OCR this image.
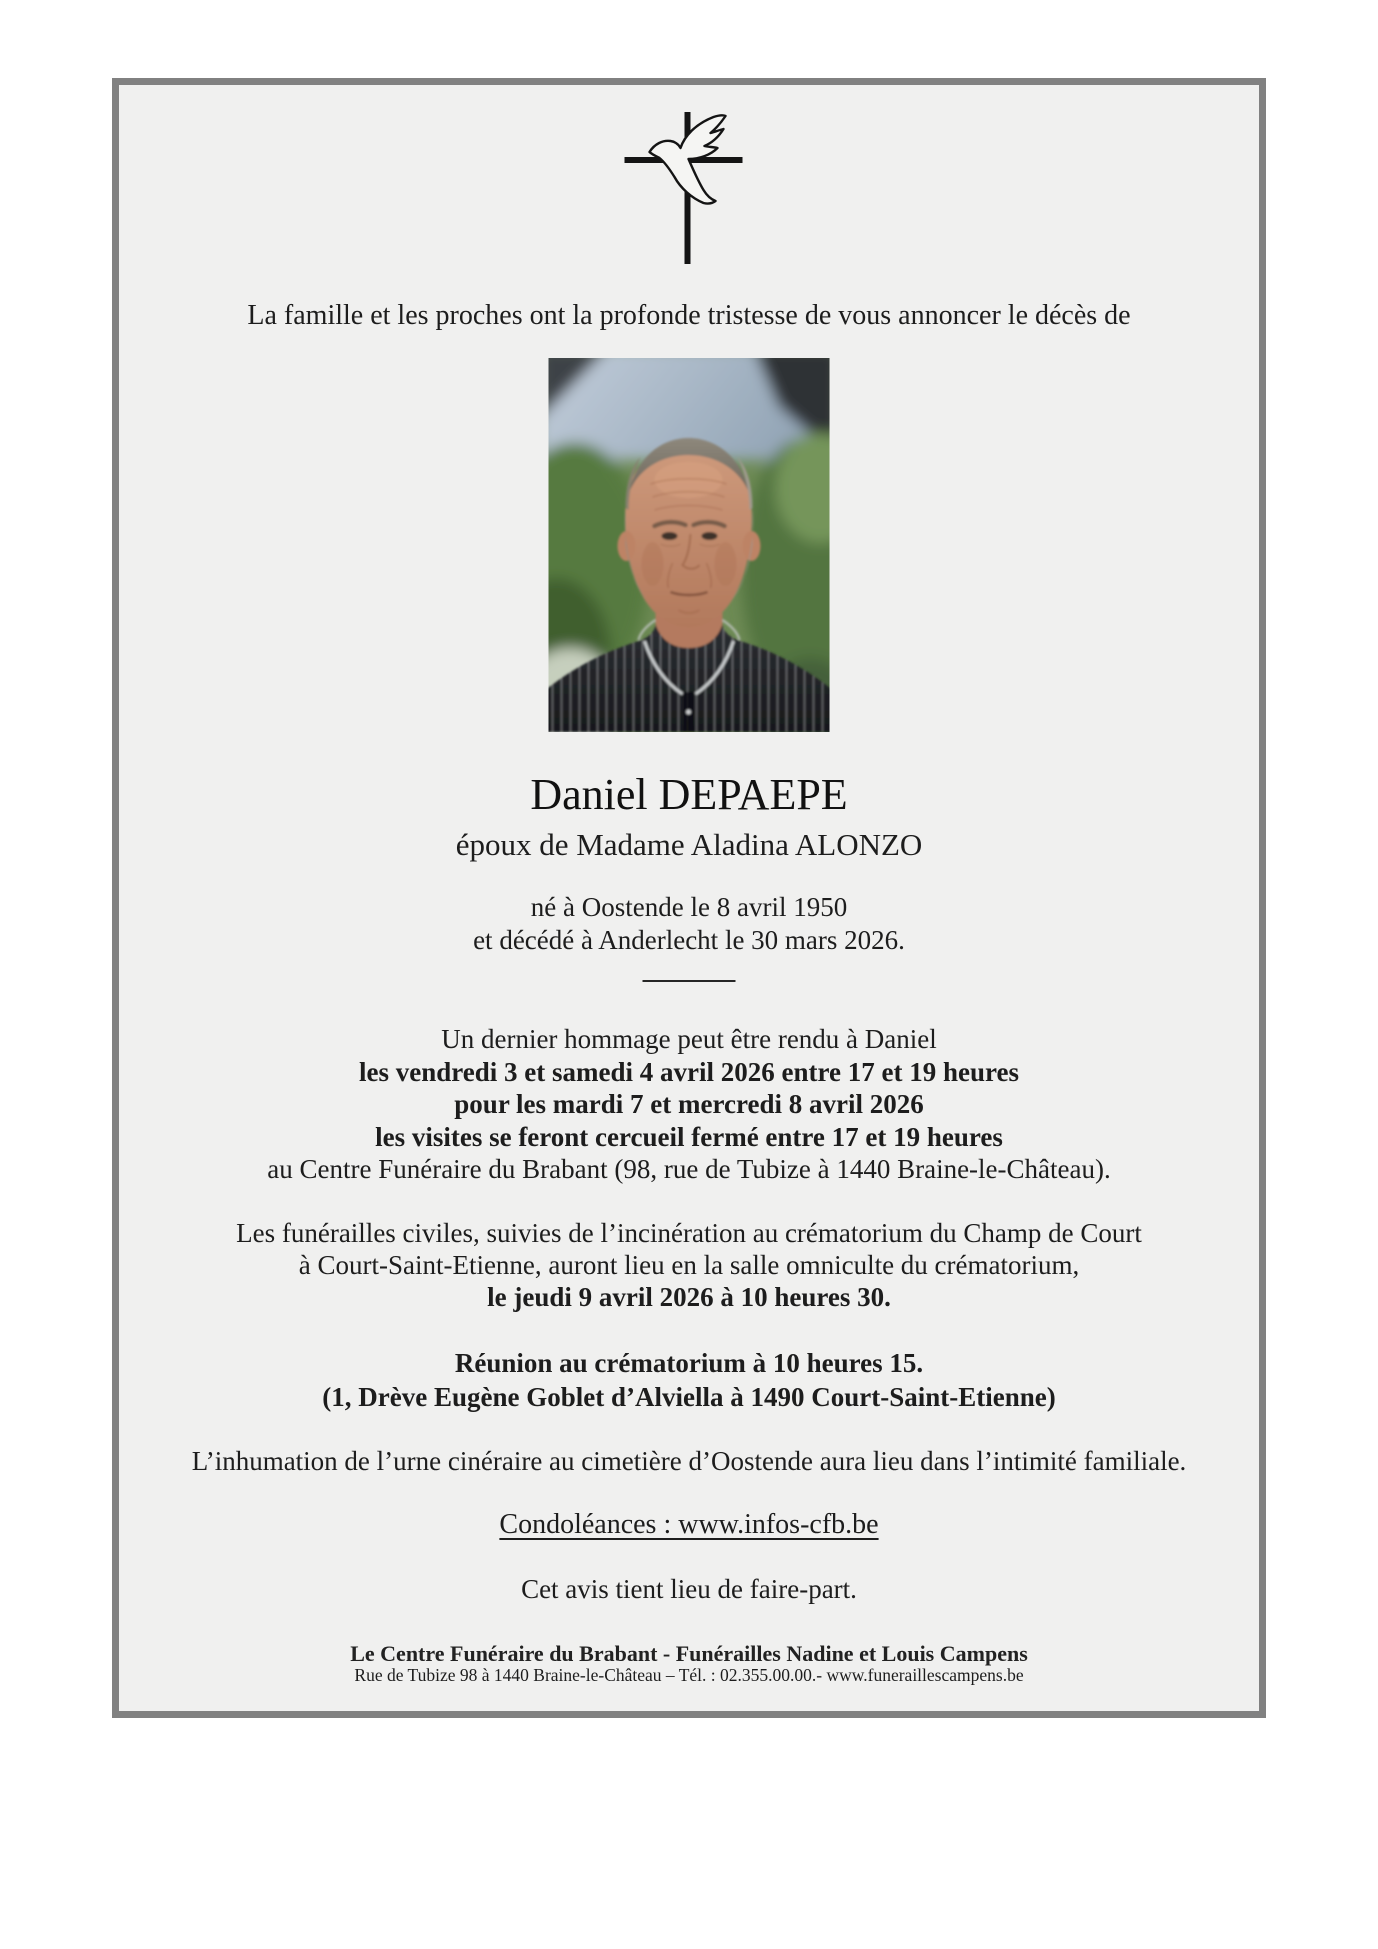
La famille et les proches ont la profonde tristesse de vous annoncer le décès de
Daniel DEPAEPE
époux de Madame Aladina ALONZO
né à Oostende le 8 avril 1950
et décédé à Anderlecht le 30 mars 2026.
Un dernier hommage peut être rendu à Daniel
les vendredi 3 et samedi 4 avril 2026 entre 17 et 19 heures
pour les mardi 7 et mercredi 8 avril 2026
les visites se feront cercueil fermé entre 17 et 19 heures
au Centre Funéraire du Brabant (98, rue de Tubize à 1440 Braine-le-Château).
Les funérailles civiles, suivies de l’incinération au crématorium du Champ de Court
à Court-Saint-Etienne, auront lieu en la salle omniculte du crématorium,
le jeudi 9 avril 2026 à 10 heures 30.
Réunion au crématorium à 10 heures 15.
(1, Drève Eugène Goblet d’Alviella à 1490 Court-Saint-Etienne)
L’inhumation de l’urne cinéraire au cimetière d’Oostende aura lieu dans l’intimité familiale.
Condoléances : www.infos-cfb.be
Cet avis tient lieu de faire-part.
Le Centre Funéraire du Brabant - Funérailles Nadine et Louis Campens
Rue de Tubize 98 à 1440 Braine-le-Château – Tél. : 02.355.00.00.- www.funeraillescampens.be
